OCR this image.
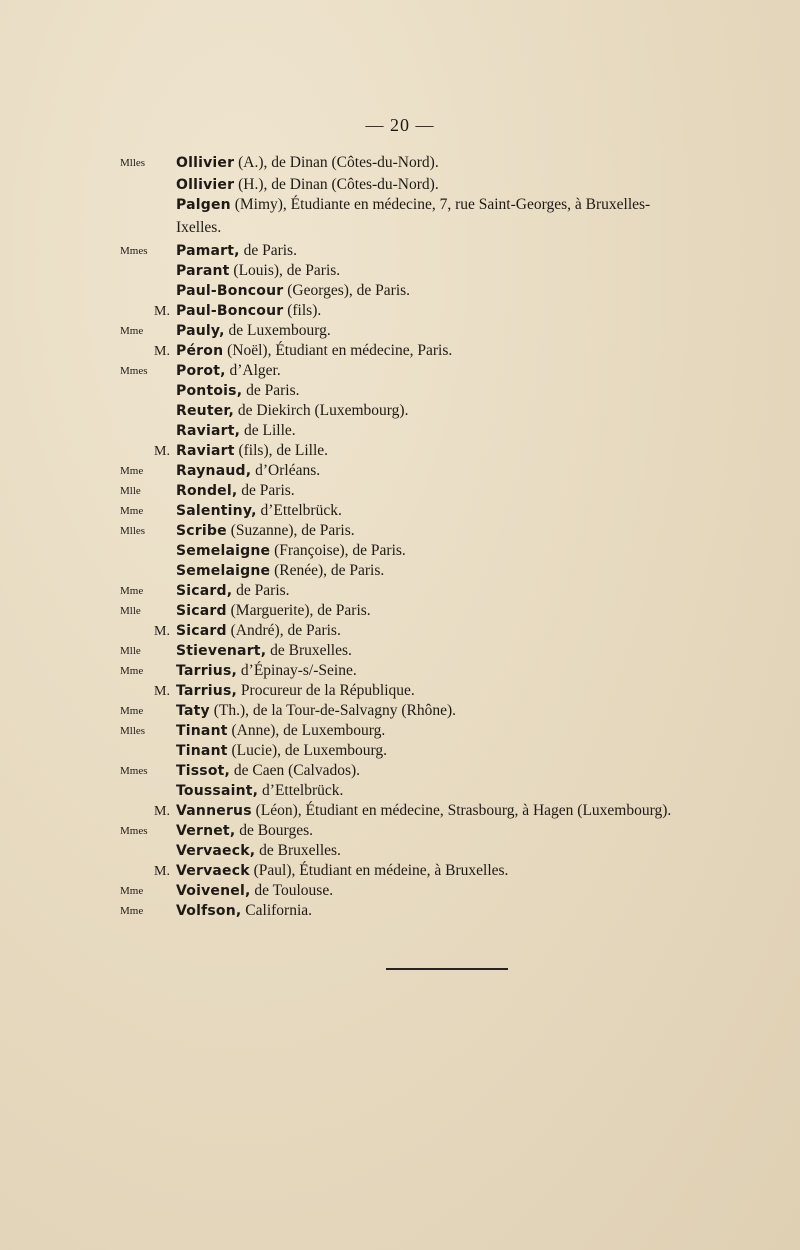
— 20 —
Mlles Ollivier (A.), de Dinan (Côtes-du-Nord).
Ollivier (H.), de Dinan (Côtes-du-Nord).
Palgen (Mimy), Étudiante en médecine, 7, rue Saint-Georges, à Bruxelles-
Ixelles.
Mmes Pamart, de Paris.
Parant (Louis), de Paris.
Paul-Boncour (Georges), de Paris.
M. Paul-Boncour (fils).
Mme Pauly, de Luxembourg.
M. Péron (Noël), Étudiant en médecine, Paris.
Mmes Porot, d’Alger.
Pontois, de Paris.
Reuter, de Diekirch (Luxembourg).
Raviart, de Lille.
M. Raviart (fils), de Lille.
Mme Raynaud, d’Orléans.
Mlle	Rondel, de Paris.
Mme Salentiny, d’Ettelbrück.
Mlles Scribe (Suzanne), de Paris.
Semelaigne (Françoise), de Paris.
Semelaigne (Renée), de Paris.
Mme Sicard, de Paris.
Mlle	Sicard (Marguerite), de Paris.
M. Sicard (André), de Paris.
Mlle	Stievenart, de Bruxelles.
Mme Tarrius, d’Épinay-s/-Seine.
M. Tarrius, Procureur de la République.
Mme Taty (Th.), de la Tour-de-Salvagny (Rhône).
Mlles Tinant (Anne), de Luxembourg.
Tinant (Lucie), de Luxembourg.
Mmes Tissot, de Caen (Calvados).
Toussaint, d’Ettelbrück.
M. Vannerus (Léon), Étudiant en médecine, Strasbourg, à Hagen (Luxembourg).
Mmes Vernet, de Bourges.
Vervaeck, de Bruxelles.
M. Vervaeck (Paul), Étudiant en médeine, à Bruxelles.
Mme Voivenel, de Toulouse.
Mme Volfson, California.
